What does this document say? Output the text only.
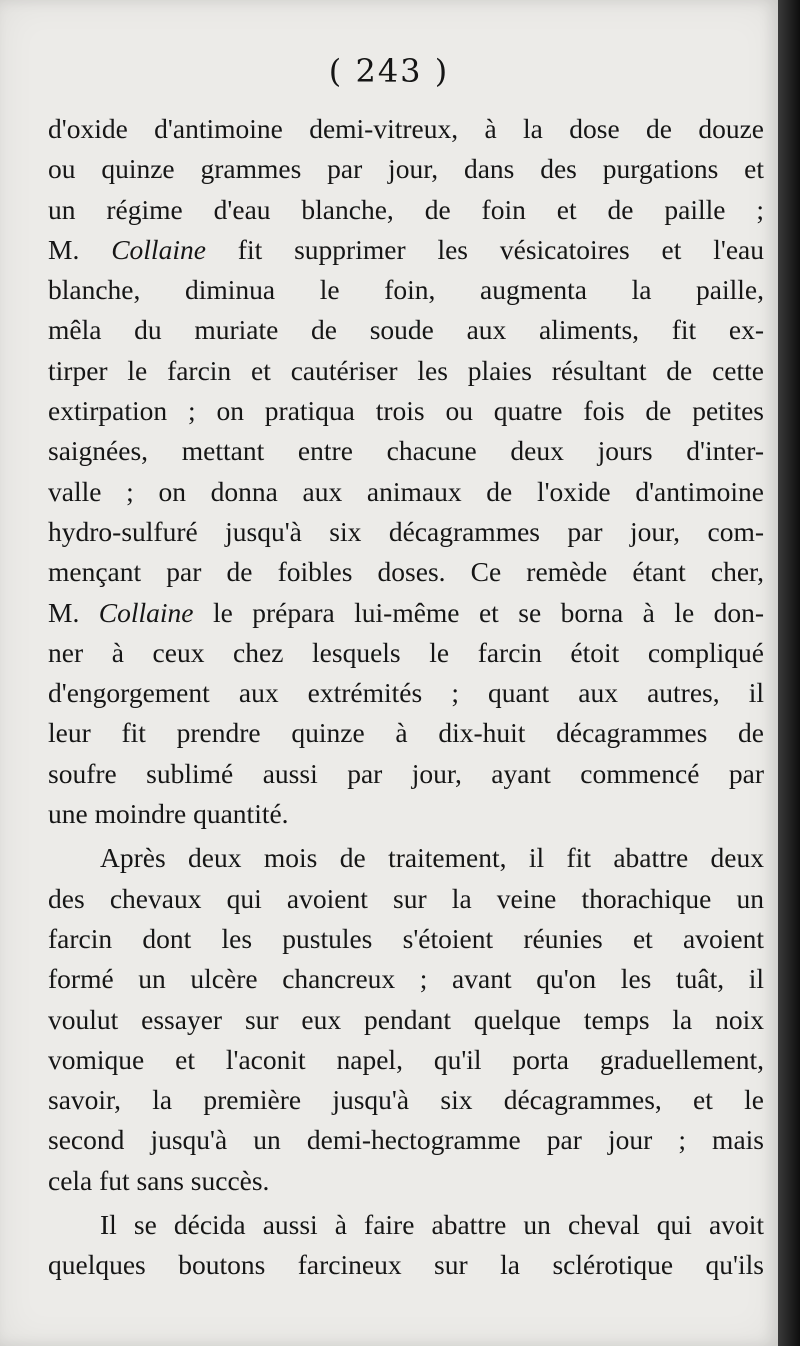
( 243 )
d'oxide d'antimoine demi-vitreux, à la dose de douze
ou quinze grammes par jour, dans des purgations et
un régime d'eau blanche, de foin et de paille ;
M. Collaine fit supprimer les vésicatoires et l'eau
blanche, diminua le foin, augmenta la paille,
mêla du muriate de soude aux aliments, fit ex-
tirper le farcin et cautériser les plaies résultant de cette
extirpation ; on pratiqua trois ou quatre fois de petites
saignées, mettant entre chacune deux jours d'inter-
valle ; on donna aux animaux de l'oxide d'antimoine
hydro-sulfuré jusqu'à six décagrammes par jour, com-
mençant par de foibles doses. Ce remède étant cher,
M. Collaine le prépara lui-même et se borna à le don-
ner à ceux chez lesquels le farcin étoit compliqué
d'engorgement aux extrémités ; quant aux autres, il
leur fit prendre quinze à dix-huit décagrammes de
soufre sublimé aussi par jour, ayant commencé par
une moindre quantité.
Après deux mois de traitement, il fit abattre deux
des chevaux qui avoient sur la veine thorachique un
farcin dont les pustules s'étoient réunies et avoient
formé un ulcère chancreux ; avant qu'on les tuât, il
voulut essayer sur eux pendant quelque temps la noix
vomique et l'aconit napel, qu'il porta graduellement,
savoir, la première jusqu'à six décagrammes, et le
second jusqu'à un demi-hectogramme par jour ; mais
cela fut sans succès.
Il se décida aussi à faire abattre un cheval qui avoit
quelques boutons farcineux sur la sclérotique qu'ils
